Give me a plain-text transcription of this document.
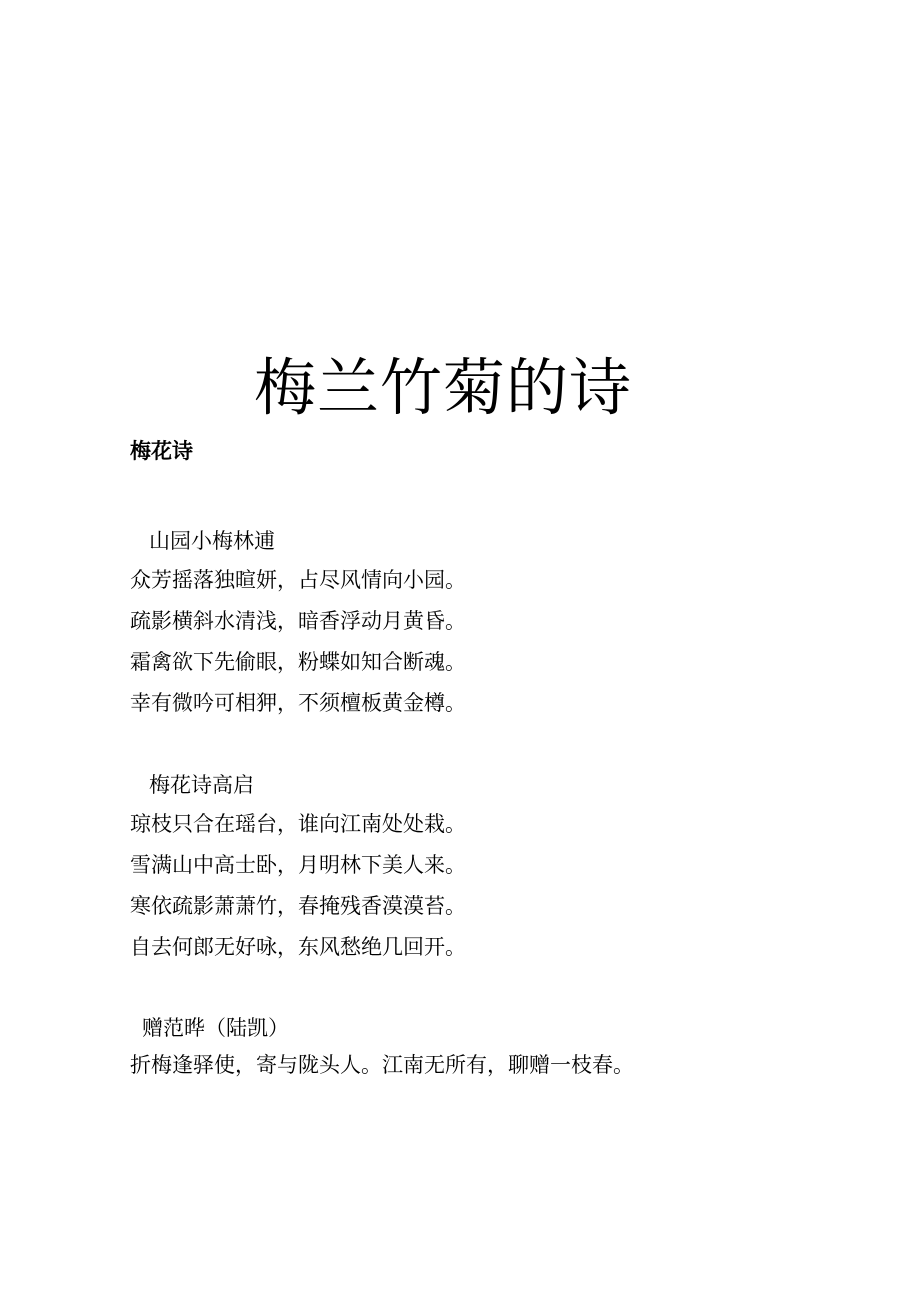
梅兰竹菊的诗
梅花诗
山园小梅林逋
众芳摇落独暄妍，占尽风情向小园。
疏影横斜水清浅，暗香浮动月黄昏。
霜禽欲下先偷眼，粉蝶如知合断魂。
幸有微吟可相狎，不须檀板黄金樽。
梅花诗高启
琼枝只合在瑶台，谁向江南处处栽。
雪满山中高士卧，月明林下美人来。
寒依疏影萧萧竹，春掩残香漠漠苔。
自去何郎无好咏，东风愁绝几回开。
赠范晔（陆凯）
折梅逢驿使，寄与陇头人。江南无所有，聊赠一枝春。
